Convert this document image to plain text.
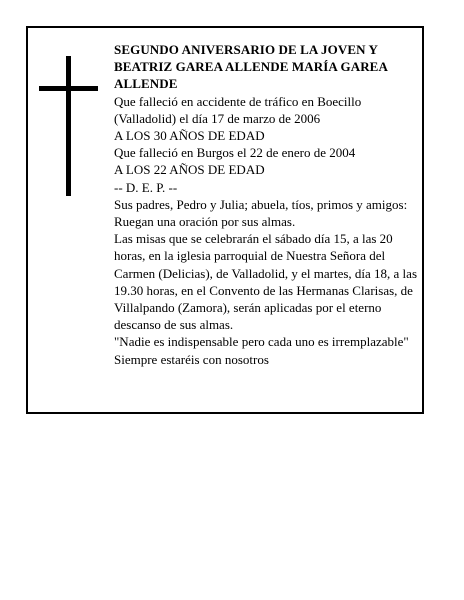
SEGUNDO ANIVERSARIO DE LA JOVEN Y BEATRIZ GAREA ALLENDE MARÍA GAREA ALLENDE

Que falleció en accidente de tráfico en Boecillo (Valladolid) el día 17 de marzo de 2006

A LOS 30 AÑOS DE EDAD

Que falleció en Burgos el 22 de enero de 2004

A LOS 22 AÑOS DE EDAD

-- D. E. P. --

Sus padres, Pedro y Julia; abuela, tíos, primos y amigos:

Ruegan una oración por sus almas.

Las misas que se celebrarán el sábado día 15, a las 20 horas, en la iglesia parroquial de Nuestra Señora del Carmen (Delicias), de Valladolid, y el martes, día 18, a las 19.30 horas, en el Convento de las Hermanas Clarisas, de Villalpando (Zamora), serán aplicadas por el eterno descanso de sus almas.

"Nadie es indispensable pero cada uno es irremplazable"

Siempre estaréis con nosotros
